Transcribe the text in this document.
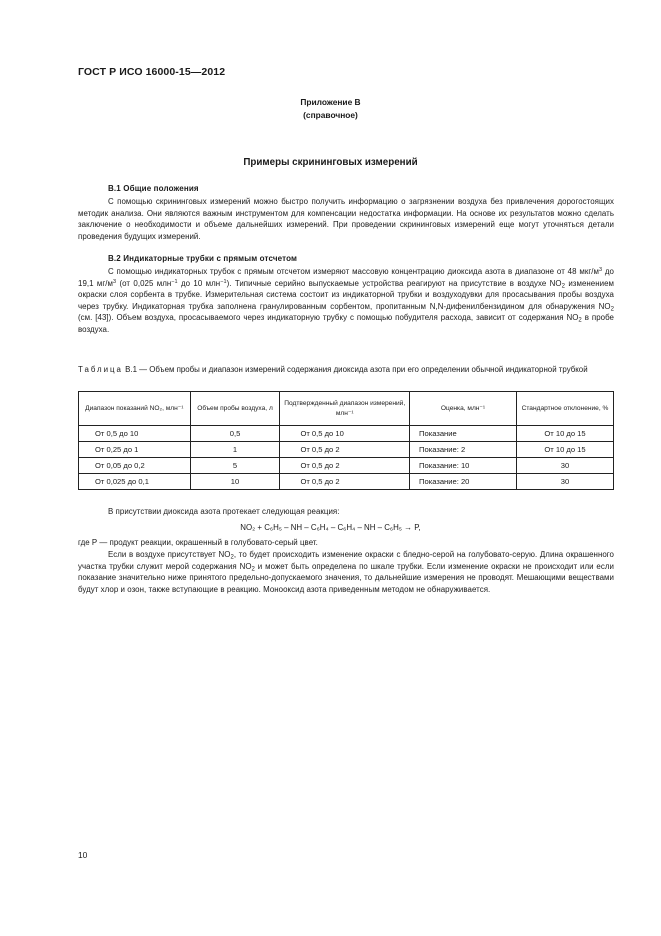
ГОСТ Р ИСО 16000-15—2012
Приложение В
(справочное)
Примеры скрининговых измерений
В.1 Общие положения
С помощью скрининговых измерений можно быстро получить информацию о загрязнении воздуха без привлечения дорогостоящих методик анализа. Они являются важным инструментом для компенсации недостатка информации. На основе их результатов можно сделать заключение о необходимости и объеме дальнейших измерений. При проведении скрининговых измерений еще могут уточняться детали проведения будущих измерений.
В.2 Индикаторные трубки с прямым отсчетом
С помощью индикаторных трубок с прямым отсчетом измеряют массовую концентрацию диоксида азота в диапазоне от 48 мкг/$м^3$ до 19,1 $мг/м^3$ (от 0,025 млн$^{-1}$ до 10 млн$^{-1}$). Типичные серийно выпускаемые устройства реагируют на присутствие в воздухе $NO_2$ изменением окраски слоя сорбента в трубке. Измерительная система состоит из индикаторной трубки и воздуходувки для просасывания пробы воздуха через трубку. Индикаторная трубка заполнена гранулированным сорбентом, пропитанным N,N-дифенилбензидином для обнаружения $NO_2$ (см. [43]). Объем воздуха, просасываемого через индикаторную трубку с помощью побудителя расхода, зависит от содержания $NO_2$ в пробе воздуха.
Таблица В.1 — Объем пробы и диапазон измерений содержания диоксида азота при его определении обычной индикаторной трубкой
Диапазон показаний NO₂, млн⁻¹	Объем пробы воздуха, л	Подтвержденный диапазон измерений, млн⁻¹	Оценка, млн⁻¹	Стандартное отклонение, %
От 0,5 до 10	0,5	От 0,5 до 10	Показание	От 10 до 15
От 0,25 до 1	1	От 0,5 до 2	Показание: 2	От 10 до 15
От 0,05 до 0,2	5	От 0,5 до 2	Показание: 10	30
От 0,025 до 0,1	10	От 0,5 до 2	Показание: 20	30
В присутствии диоксида азота протекает следующая реакция:
NO₂ + C₆H₅ – NH – C₆H₄ – C₆H₄ – NH – C₆H₅ → P,
где P — продукт реакции, окрашенный в голубовато-серый цвет.
Если в воздухе присутствует $NO_2$, то будет происходить изменение окраски с бледно-серой на голубовато-серую. Длина окрашенного участка трубки служит мерой содержания $NO_2$ и может быть определена по шкале трубки. Если изменение окраски не происходит или если показание значительно ниже принятого предельно-допускаемого значения, то дальнейшие измерения не проводят. Мешающими веществами будут хлор и озон, также вступающие в реакцию. Монооксид азота приведенным методом не обнаруживается.
10
